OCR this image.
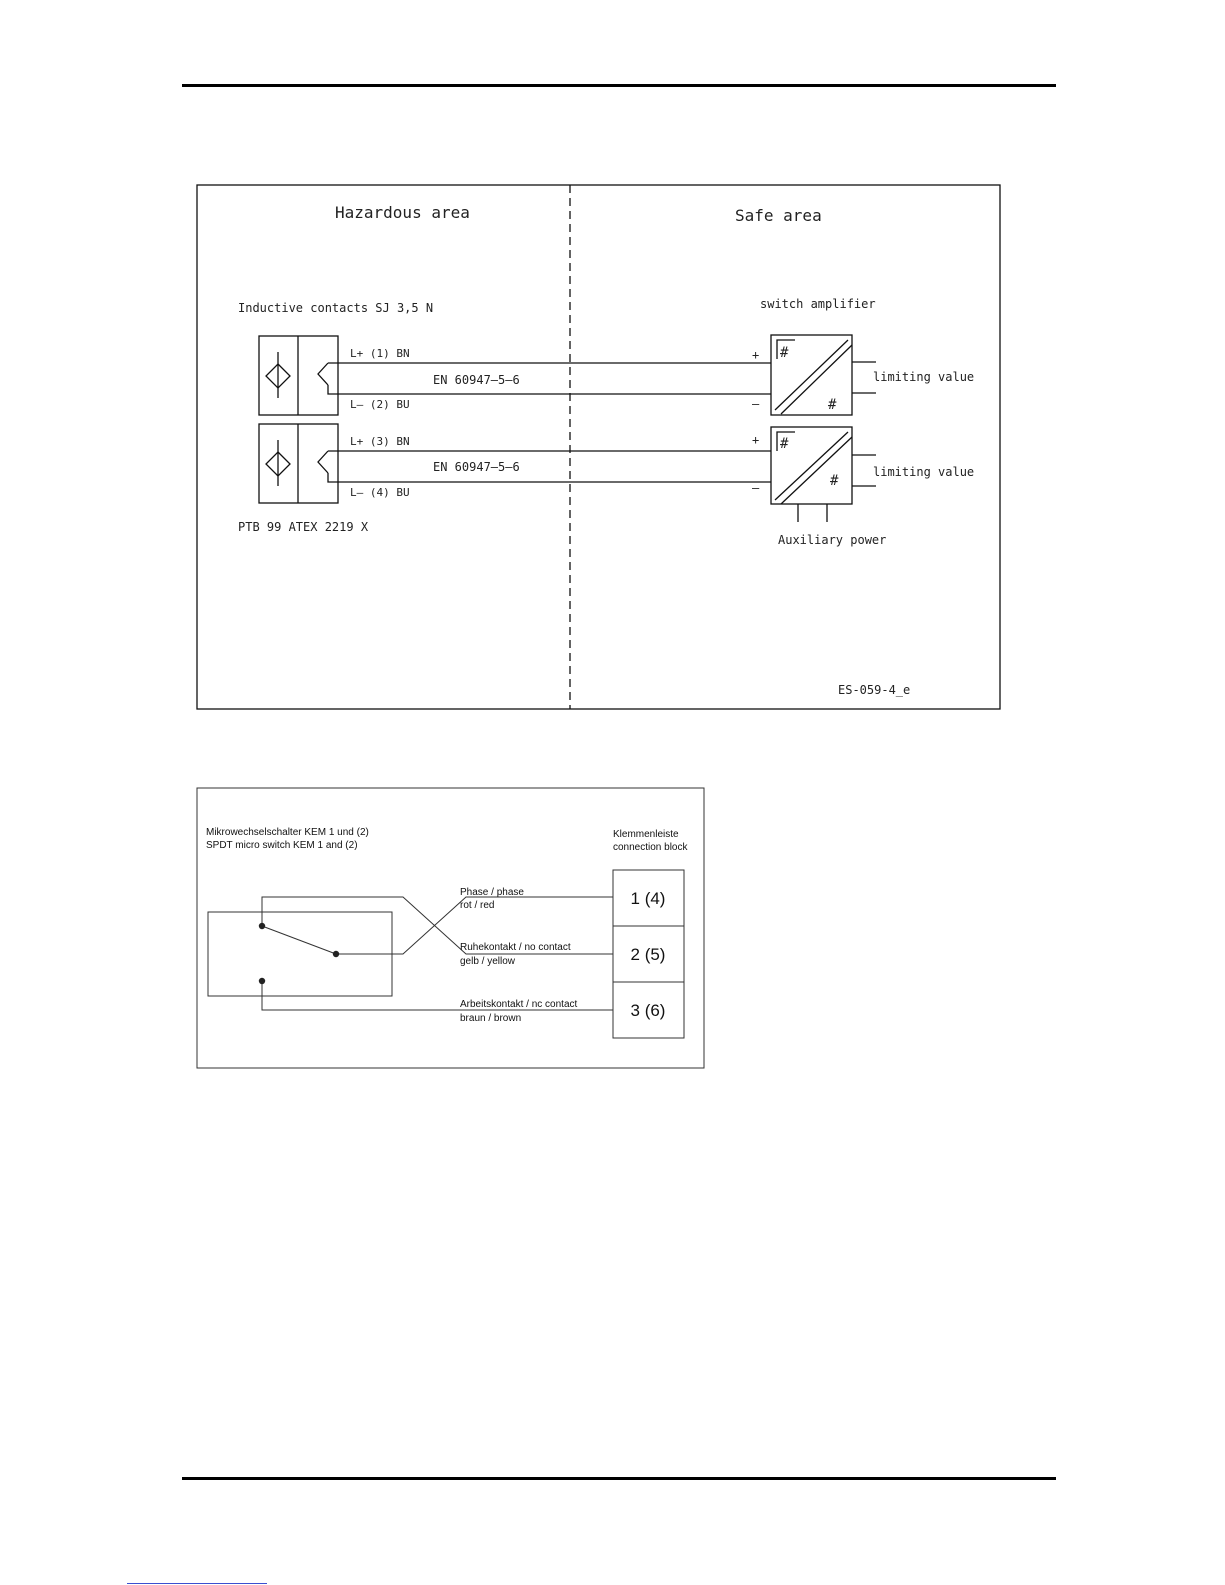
Hazardous area	Safe area
Inductive contacts SJ 3,5 N	switch amplifier
L+ (1) BN
L– (2) BU
EN 60947–5–6
+
–
#
#
limiting value
L+ (3) BN
L– (4) BU
EN 60947–5–6
+
–
#
#
limiting value
PTB 99 ATEX 2219 X
Auxiliary power
ES-059-4_e
Mikrowechselschalter KEM 1 und (2)
SPDT micro switch KEM 1 and (2)
Klemmenleiste
connection block
Phase / phase
rot / red
Ruhekontakt / no contact
gelb / yellow
Arbeitskontakt / nc contact
braun / brown
1 (4)
2 (5)
3 (6)
